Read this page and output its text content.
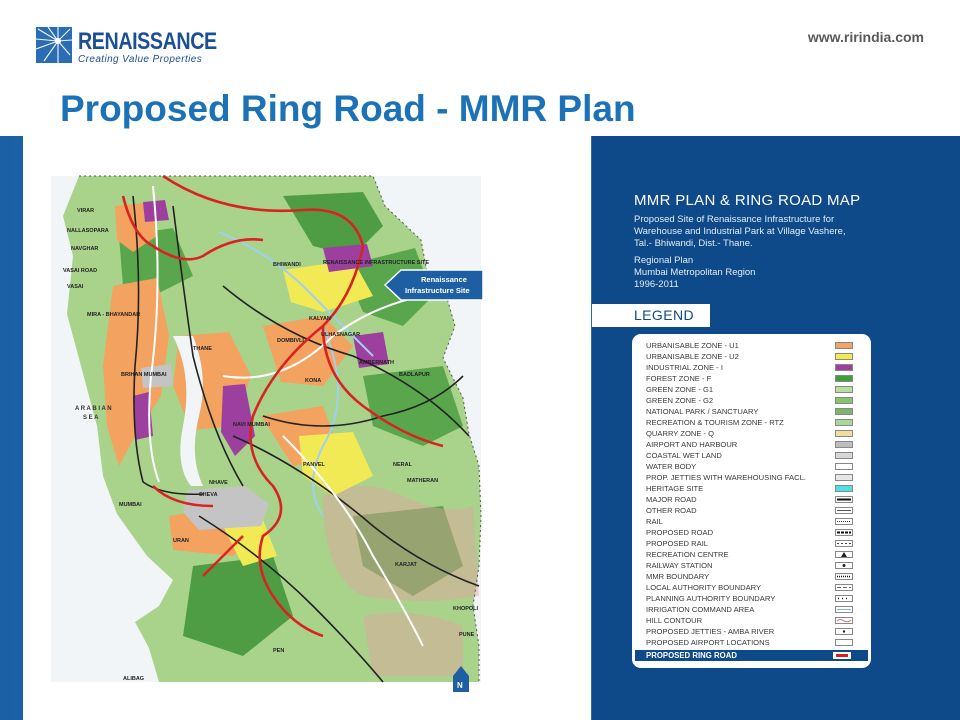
RENAISSANCE
Creating Value Properties
www.ririndia.com
Proposed Ring Road - MMR Plan
A R A B I A N
S E A
MUMBAI
BRIHAN MUMBAI
THANE
KALYAN
BHIWANDI
PANVEL
URAN
NAVI MUMBAI
VASAI
AMBERNATH
KARJAT
ALIBAG
PEN
KHOPOLI
BADLAPUR
NALLASOPARA
ULHASNAGAR
DOMBIVLI
MIRA - BHAYANDAR
NHAVE
SHEVA
NAVGHAR
VIRAR
KONA
NERAL
MATHERAN
VASAI ROAD
RENAISSANCE INFRASTRUCTURE SITE
PUNE
Renaissance
Infrastructure Site
N
MMR PLAN & RING ROAD MAP
Proposed Site of Renaissance Infrastructure for
Warehouse and Industrial Park at Village Vashere,
Tal.- Bhiwandi, Dist.- Thane.
Regional Plan
Mumbai Metropolitan Region
1996-2011
LEGEND
URBANISABLE ZONE - U1
URBANISABLE ZONE - U2
INDUSTRIAL ZONE - I
FOREST ZONE - F
GREEN ZONE - G1
GREEN ZONE - G2
NATIONAL PARK / SANCTUARY
RECREATION & TOURISM ZONE - RTZ
QUARRY ZONE - Q
AIRPORT AND HARBOUR
COASTAL WET LAND
WATER BODY
PROP. JETTIES WITH WAREHOUSING FACL.
HERITAGE SITE
MAJOR ROAD
OTHER ROAD
RAIL
PROPOSED ROAD
PROPOSED RAIL
RECREATION CENTRE
RAILWAY STATION
MMR BOUNDARY
LOCAL AUTHORITY BOUNDARY
PLANNING AUTHORITY BOUNDARY
IRRIGATION COMMAND AREA
HILL CONTOUR
PROPOSED JETTIES - AMBA RIVER
PROPOSED AIRPORT LOCATIONS
PROPOSED RING ROAD
